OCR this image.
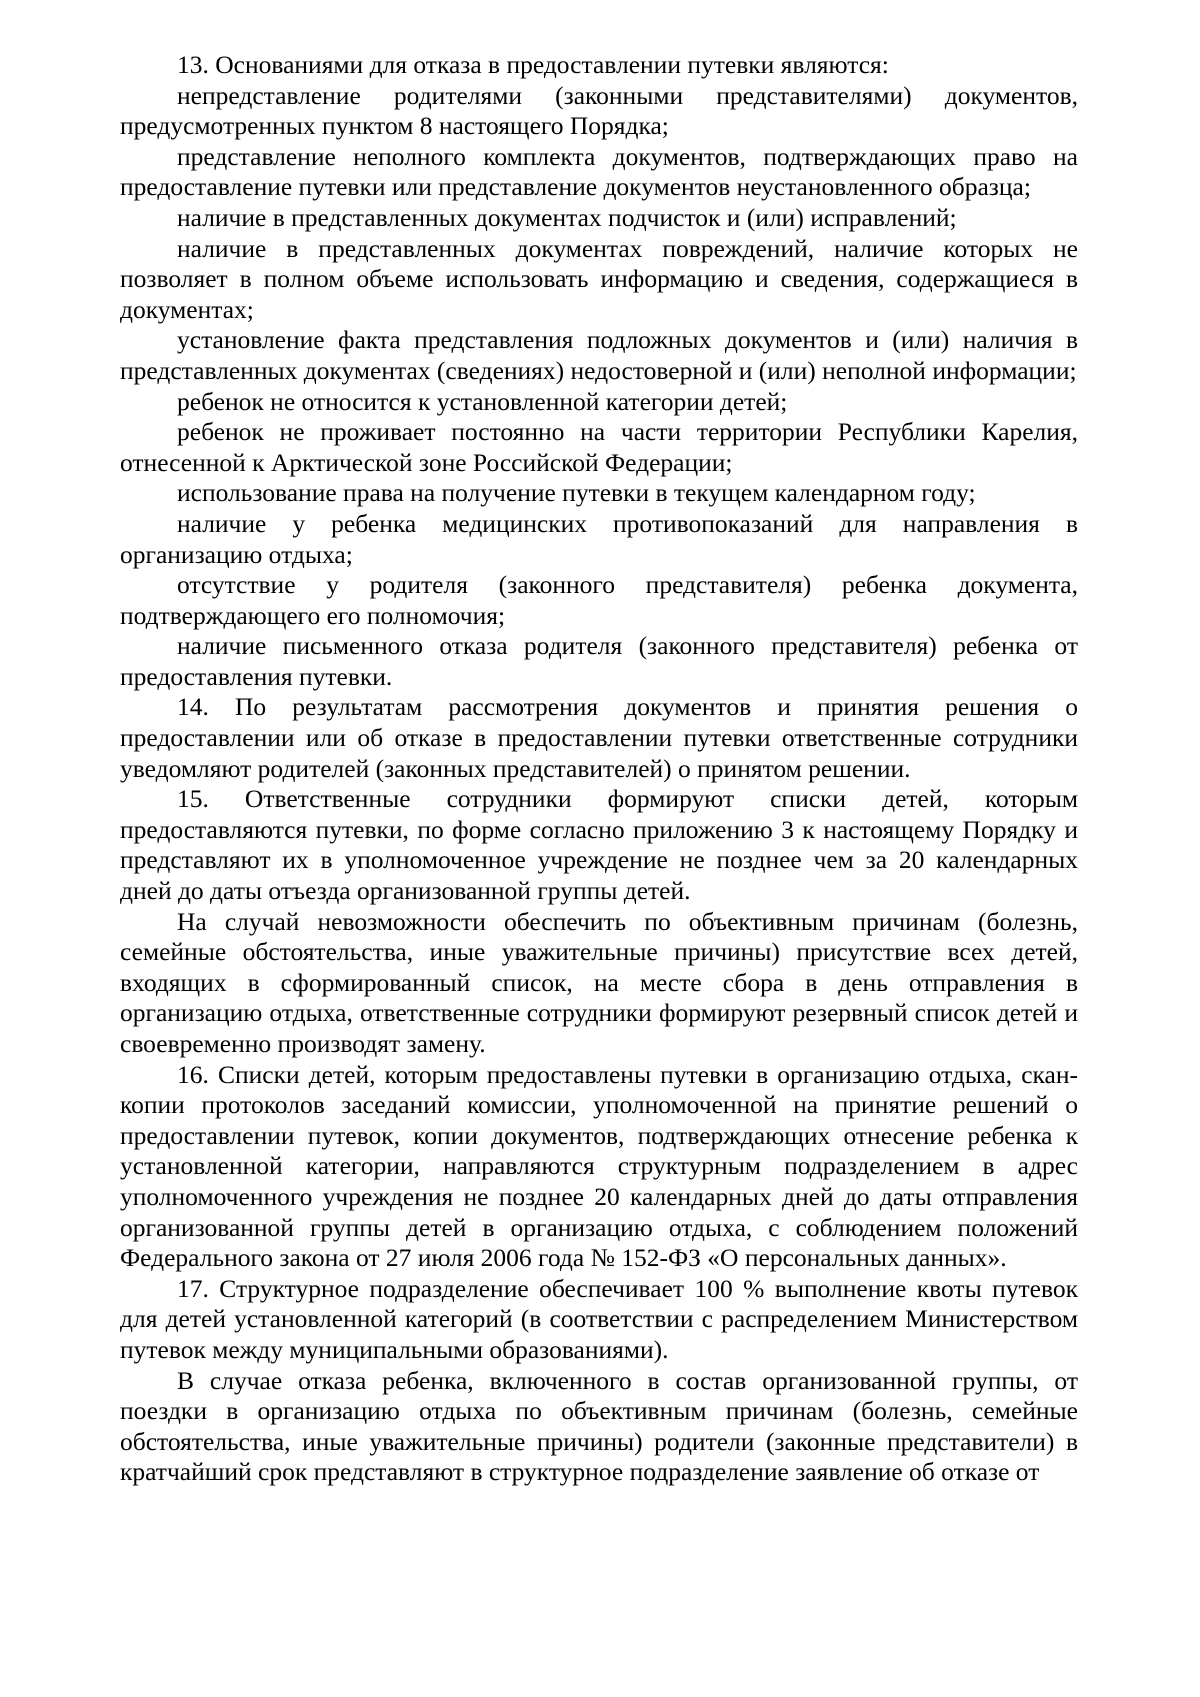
13. Основаниями для отказа в предоставлении путевки являются:

непредставление родителями (законными представителями) документов, предусмотренных пунктом 8 настоящего Порядка;

представление неполного комплекта документов, подтверждающих право на предоставление путевки или представление документов неустановленного образца;

наличие в представленных документах подчисток и (или) исправлений;

наличие в представленных документах повреждений, наличие которых не позволяет в полном объеме использовать информацию и сведения, содержащиеся в документах;

установление факта представления подложных документов и (или) наличия в представленных документах (сведениях) недостоверной и (или) неполной информации;

ребенок не относится к установленной категории детей;

ребенок не проживает постоянно на части территории Республики Карелия, отнесенной к Арктической зоне Российской Федерации;

использование права на получение путевки в текущем календарном году;

наличие у ребенка медицинских противопоказаний для направления в организацию отдыха;

отсутствие у родителя (законного представителя) ребенка документа, подтверждающего его полномочия;

наличие письменного отказа родителя (законного представителя) ребенка от предоставления путевки.

14. По результатам рассмотрения документов и принятия решения о предоставлении или об отказе в предоставлении путевки ответственные сотрудники уведомляют родителей (законных представителей) о принятом решении.

15. Ответственные сотрудники формируют списки детей, которым предоставляются путевки, по форме согласно приложению 3 к настоящему Порядку и представляют их в уполномоченное учреждение не позднее чем за 20 календарных дней до даты отъезда организованной группы детей.

На случай невозможности обеспечить по объективным причинам (болезнь, семейные обстоятельства, иные уважительные причины) присутствие всех детей, входящих в сформированный список, на месте сбора в день отправления в организацию отдыха, ответственные сотрудники формируют резервный список детей и своевременно производят замену.

16. Списки детей, которым предоставлены путевки в организацию отдыха, скан-копии протоколов заседаний комиссии, уполномоченной на принятие решений о предоставлении путевок, копии документов, подтверждающих отнесение ребенка к установленной категории, направляются структурным подразделением в адрес уполномоченного учреждения не позднее 20 календарных дней до даты отправления организованной группы детей в организацию отдыха, с соблюдением положений Федерального закона от 27 июля 2006 года № 152-ФЗ «О персональных данных».

17. Структурное подразделение обеспечивает 100 % выполнение квоты путевок для детей установленной категорий (в соответствии с распределением Министерством путевок между муниципальными образованиями).

В случае отказа ребенка, включенного в состав организованной группы, от поездки в организацию отдыха по объективным причинам (болезнь, семейные обстоятельства, иные уважительные причины) родители (законные представители) в кратчайший срок представляют в структурное подразделение заявление об отказе от
